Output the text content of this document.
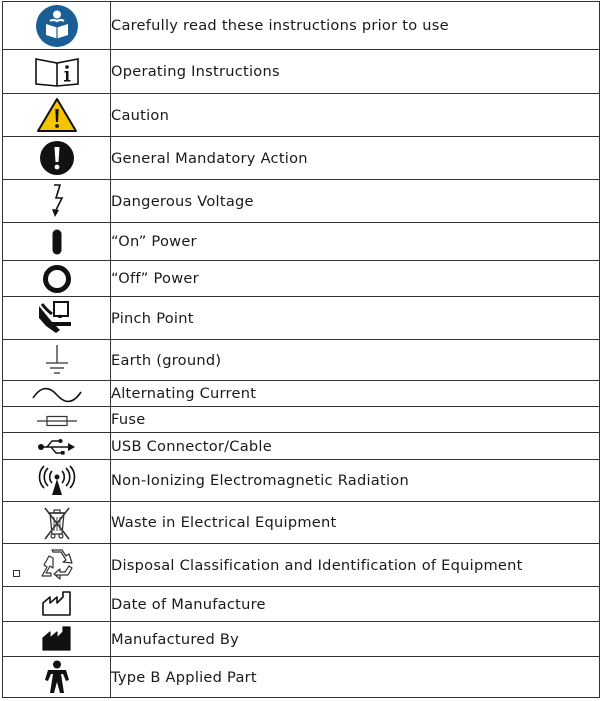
	Carefully read these instructions prior to use

	Operating Instructions

	Caution

	General Mandatory Action

	Dangerous Voltage

	“On” Power

	“Off” Power

	Pinch Point

	Earth (ground)

	Alternating Current

	Fuse

	USB Connector/Cable

	Non-Ionizing Electromagnetic Radiation

	Waste in Electrical Equipment

	Disposal Classification and Identification of Equipment

	Date of Manufacture

	Manufactured By

	Type B Applied Part
